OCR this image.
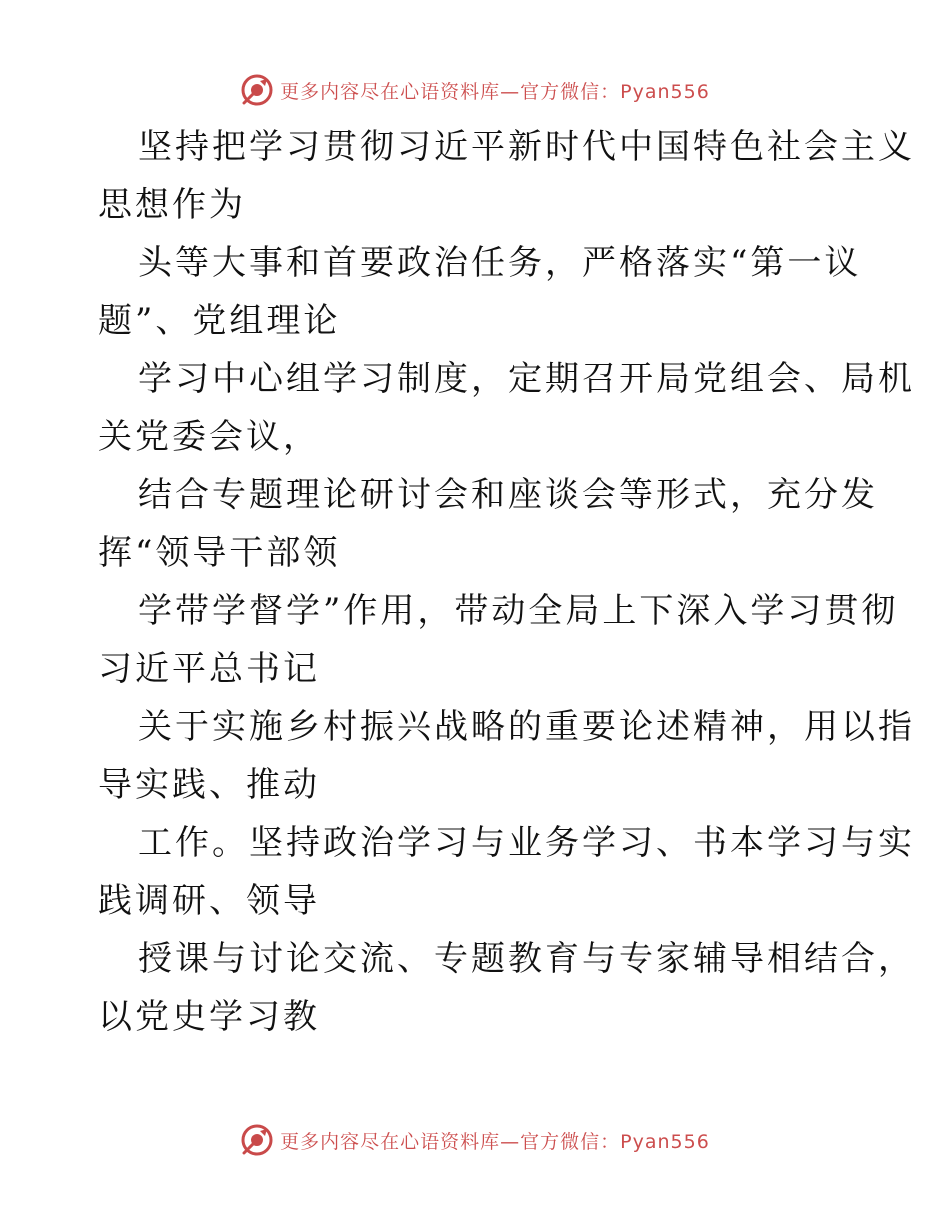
更多内容尽在心语资料库—官方微信：Pyan556
坚持把学习贯彻习近平新时代中国特色社会主义
思想作为
头等大事和首要政治任务，严格落实“第一议
题”、党组理论
学习中心组学习制度，定期召开局党组会、局机
关党委会议，
结合专题理论研讨会和座谈会等形式，充分发
挥“领导干部领
学带学督学”作用，带动全局上下深入学习贯彻
习近平总书记
关于实施乡村振兴战略的重要论述精神，用以指
导实践、推动
工作。坚持政治学习与业务学习、书本学习与实
践调研、领导
授课与讨论交流、专题教育与专家辅导相结合，
以党史学习教
更多内容尽在心语资料库—官方微信：Pyan556
